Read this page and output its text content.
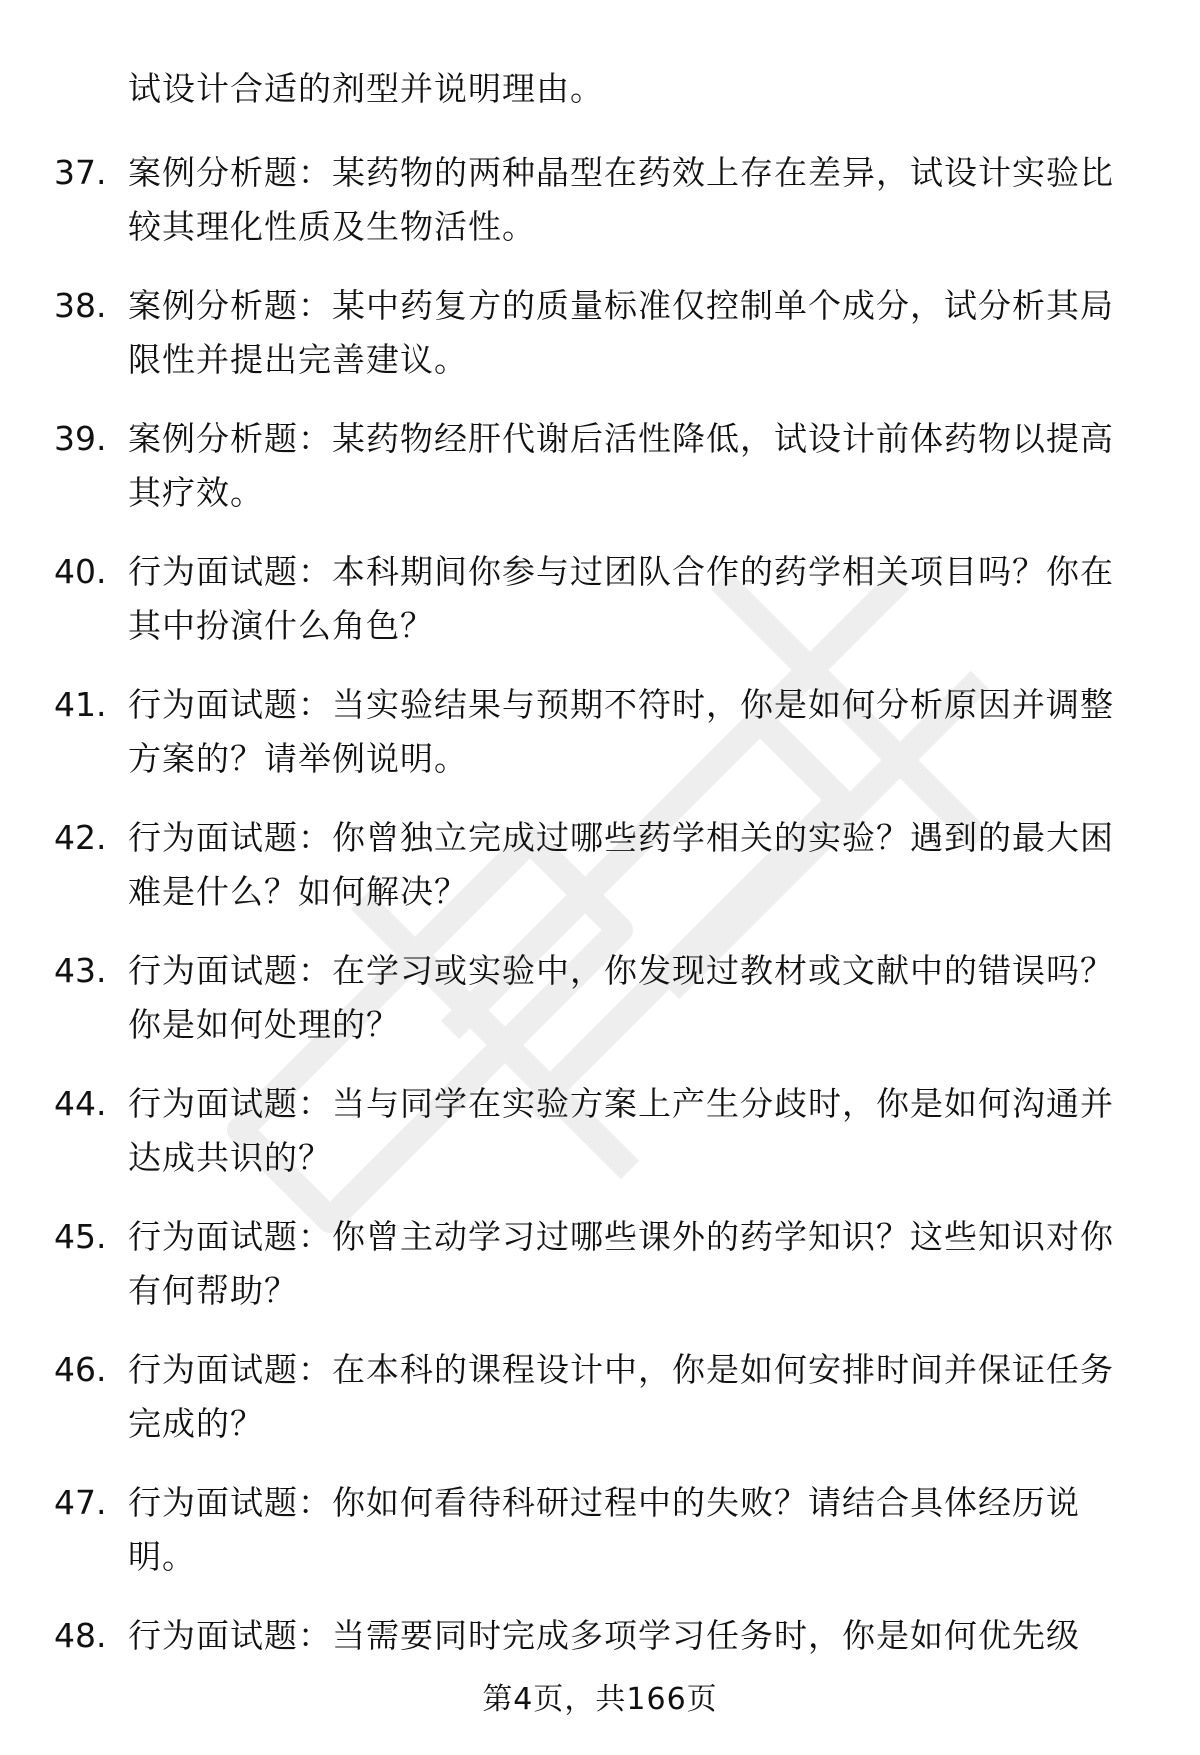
试设计合适的剂型并说明理由。
37. 案例分析题：某药物的两种晶型在药效上存在差异，试设计实验比较其理化性质及生物活性。
38. 案例分析题：某中药复方的质量标准仅控制单个成分，试分析其局限性并提出完善建议。
39. 案例分析题：某药物经肝代谢后活性降低，试设计前体药物以提高其疗效。
40. 行为面试题：本科期间你参与过团队合作的药学相关项目吗？你在其中扮演什么角色？
41. 行为面试题：当实验结果与预期不符时，你是如何分析原因并调整方案的？请举例说明。
42. 行为面试题：你曾独立完成过哪些药学相关的实验？遇到的最大困难是什么？如何解决？
43. 行为面试题：在学习或实验中，你发现过教材或文献中的错误吗？你是如何处理的？
44. 行为面试题：当与同学在实验方案上产生分歧时，你是如何沟通并达成共识的？
45. 行为面试题：你曾主动学习过哪些课外的药学知识？这些知识对你有何帮助？
46. 行为面试题：在本科的课程设计中，你是如何安排时间并保证任务完成的？
47. 行为面试题：你如何看待科研过程中的失败？请结合具体经历说明。
48. 行为面试题：当需要同时完成多项学习任务时，你是如何优先级
第4页，共166页
